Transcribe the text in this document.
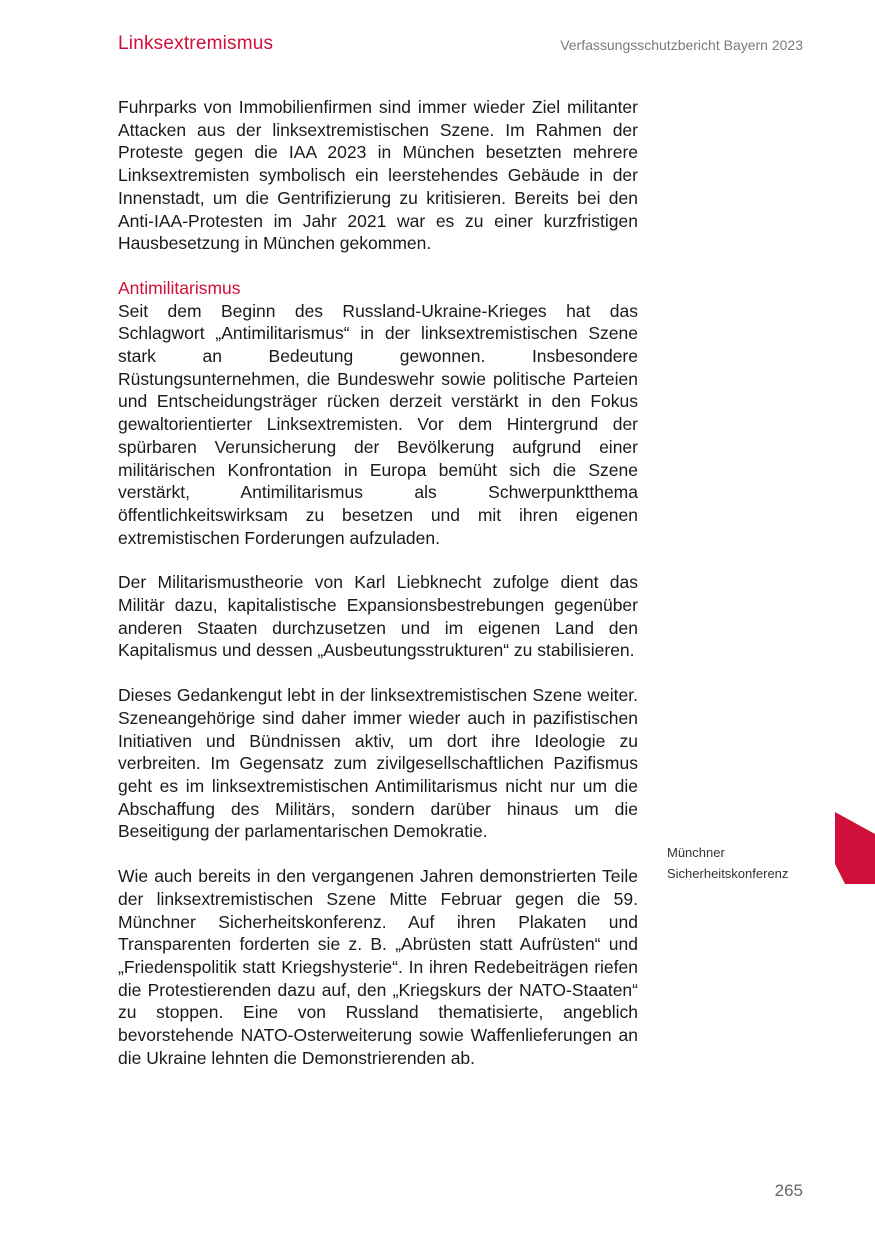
Linksextremismus	Verfassungsschutzbericht Bayern 2023

Fuhrparks von Immobilienfirmen sind immer wieder Ziel militanter Attacken aus der linksextremistischen Szene. Im Rahmen der Proteste gegen die IAA 2023 in München besetzten mehrere Linksextremisten symbolisch ein leerstehendes Gebäude in der Innenstadt, um die Gentrifizierung zu kritisieren. Bereits bei den Anti-IAA-Protesten im Jahr 2021 war es zu einer kurzfristigen Hausbesetzung in München gekommen.

Antimilitarismus

Seit dem Beginn des Russland-Ukraine-Krieges hat das Schlagwort „Antimilitarismus“ in der linksextremistischen Szene stark an Bedeutung gewonnen. Insbesondere Rüstungsunternehmen, die Bundeswehr sowie politische Parteien und Entscheidungsträger rücken derzeit verstärkt in den Fokus gewaltorientierter Linksextremisten. Vor dem Hintergrund der spürbaren Verunsicherung der Bevölkerung aufgrund einer militärischen Konfrontation in Europa bemüht sich die Szene verstärkt, Antimilitarismus als Schwerpunktthema öffentlichkeitswirksam zu besetzen und mit ihren eigenen extremistischen Forderungen aufzuladen.

Der Militarismustheorie von Karl Liebknecht zufolge dient das Militär dazu, kapitalistische Expansionsbestrebungen gegenüber anderen Staaten durchzusetzen und im eigenen Land den Kapitalismus und dessen „Ausbeutungsstrukturen“ zu stabilisieren.

Dieses Gedankengut lebt in der linksextremistischen Szene weiter. Szeneangehörige sind daher immer wieder auch in pazifistischen Initiativen und Bündnissen aktiv, um dort ihre Ideologie zu verbreiten. Im Gegensatz zum zivilgesellschaftlichen Pazifismus geht es im linksextremistischen Antimilitarismus nicht nur um die Abschaffung des Militärs, sondern darüber hinaus um die Beseitigung der parlamentarischen Demokratie.

Wie auch bereits in den vergangenen Jahren demonstrierten Teile der linksextremistischen Szene Mitte Februar gegen die 59. Münchner Sicherheitskonferenz. Auf ihren Plakaten und Transparenten forderten sie z. B. „Abrüsten statt Aufrüsten“ und „Friedenspolitik statt Kriegshysterie“. In ihren Redebeiträgen riefen die Protestierenden dazu auf, den „Kriegskurs der NATO-Staaten“ zu stoppen. Eine von Russland thematisierte, angeblich bevorstehende NATO-Osterweiterung sowie Waffenlieferungen an die Ukraine lehnten die Demonstrierenden ab.

Münchner
Sicherheitskonferenz
265
